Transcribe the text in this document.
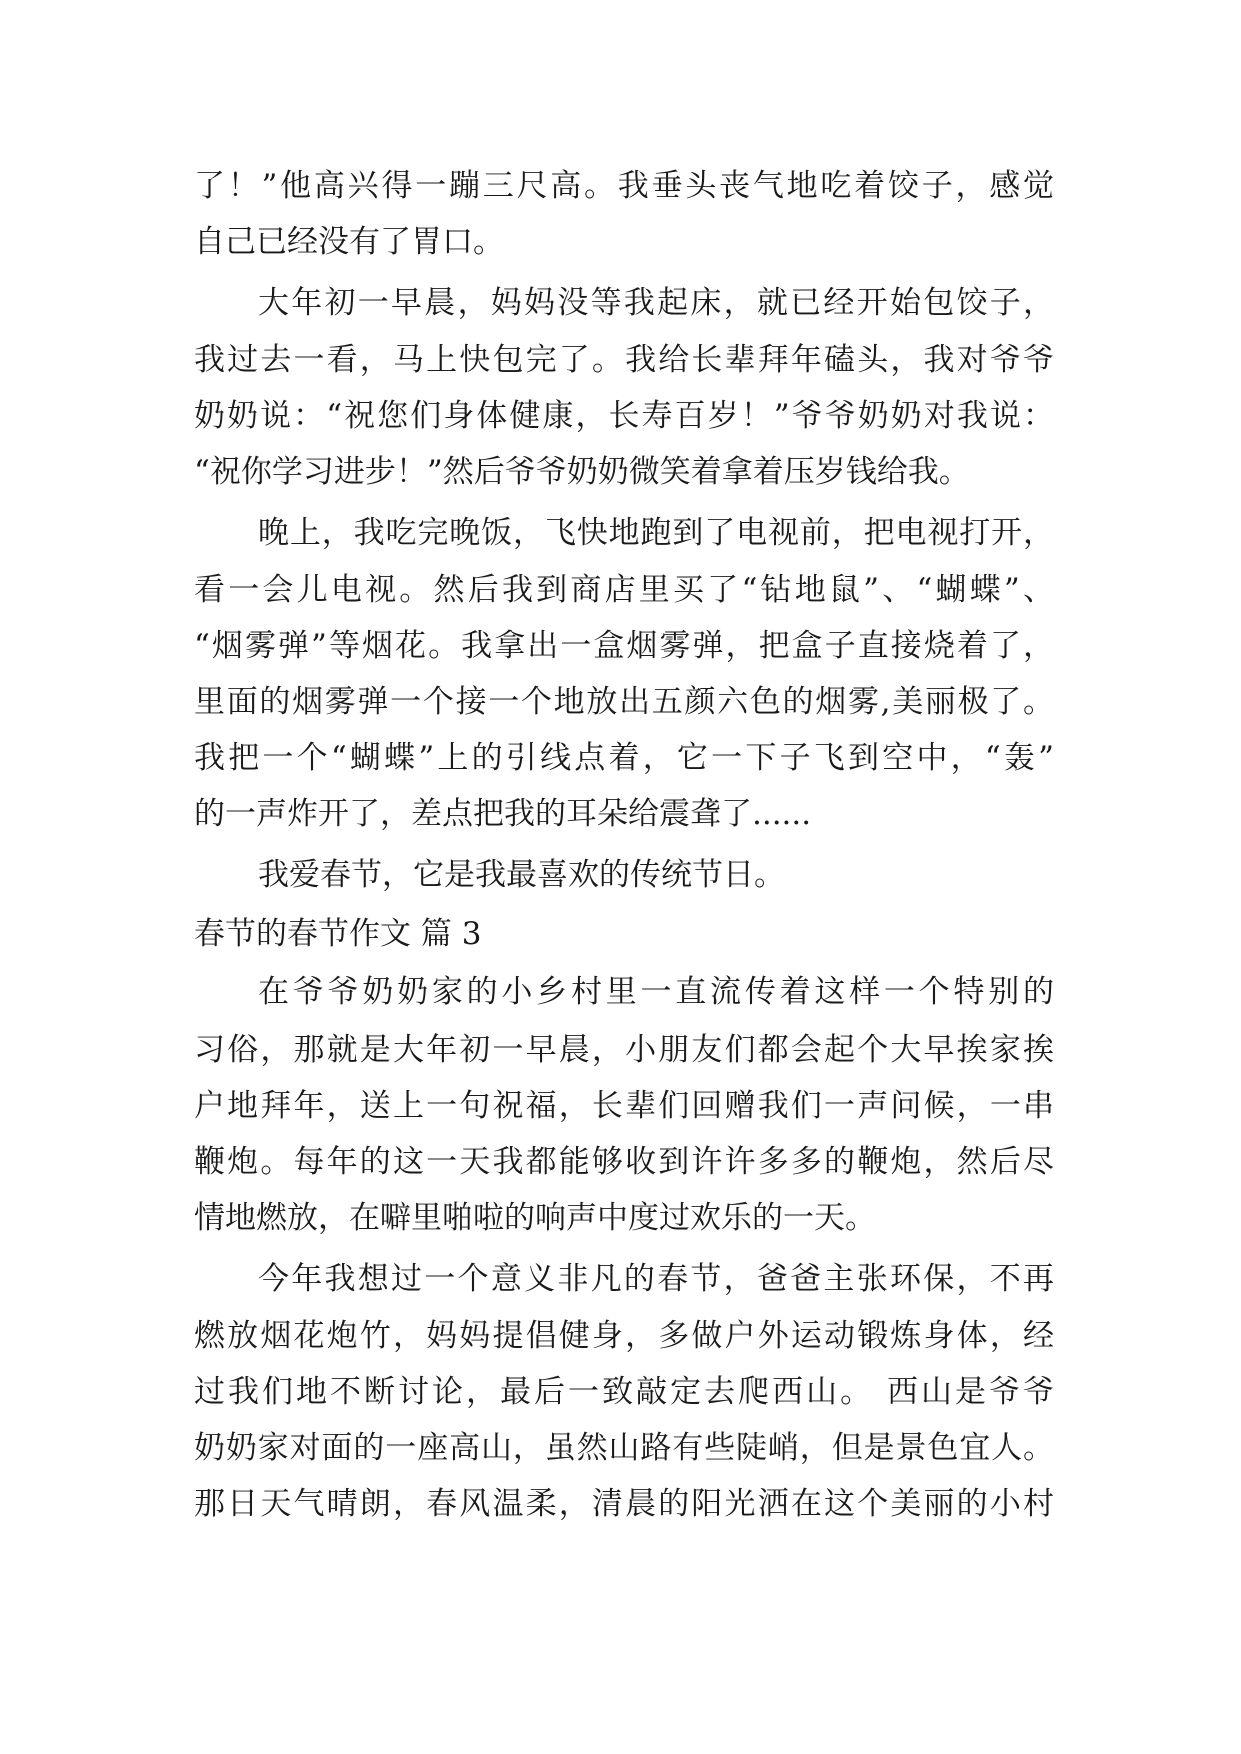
了！”他高兴得一蹦三尺高。我垂头丧气地吃着饺子，感觉
自己已经没有了胃口。
大年初一早晨，妈妈没等我起床，就已经开始包饺子，
我过去一看，马上快包完了。我给长辈拜年磕头，我对爷爷
奶奶说：“祝您们身体健康，长寿百岁！”爷爷奶奶对我说：
“祝你学习进步！”然后爷爷奶奶微笑着拿着压岁钱给我。
晚上，我吃完晚饭，飞快地跑到了电视前，把电视打开，
看一会儿电视。然后我到商店里买了“钻地鼠”、“蝴蝶”、
“烟雾弹”等烟花。我拿出一盒烟雾弹，把盒子直接烧着了，
里面的烟雾弹一个接一个地放出五颜六色的烟雾,美丽极了。
我把一个“蝴蝶”上的引线点着，它一下子飞到空中，“轰”
的一声炸开了，差点把我的耳朵给震聋了......
我爱春节，它是我最喜欢的传统节日。
春节的春节作文 篇 3
在爷爷奶奶家的小乡村里一直流传着这样一个特别的
习俗，那就是大年初一早晨，小朋友们都会起个大早挨家挨
户地拜年，送上一句祝福，长辈们回赠我们一声问候，一串
鞭炮。每年的这一天我都能够收到许许多多的鞭炮，然后尽
情地燃放，在噼里啪啦的响声中度过欢乐的一天。
今年我想过一个意义非凡的春节，爸爸主张环保，不再
燃放烟花炮竹，妈妈提倡健身，多做户外运动锻炼身体，经
过我们地不断讨论，最后一致敲定去爬西山。 西山是爷爷
奶奶家对面的一座高山，虽然山路有些陡峭，但是景色宜人。
那日天气晴朗，春风温柔，清晨的阳光洒在这个美丽的小村
